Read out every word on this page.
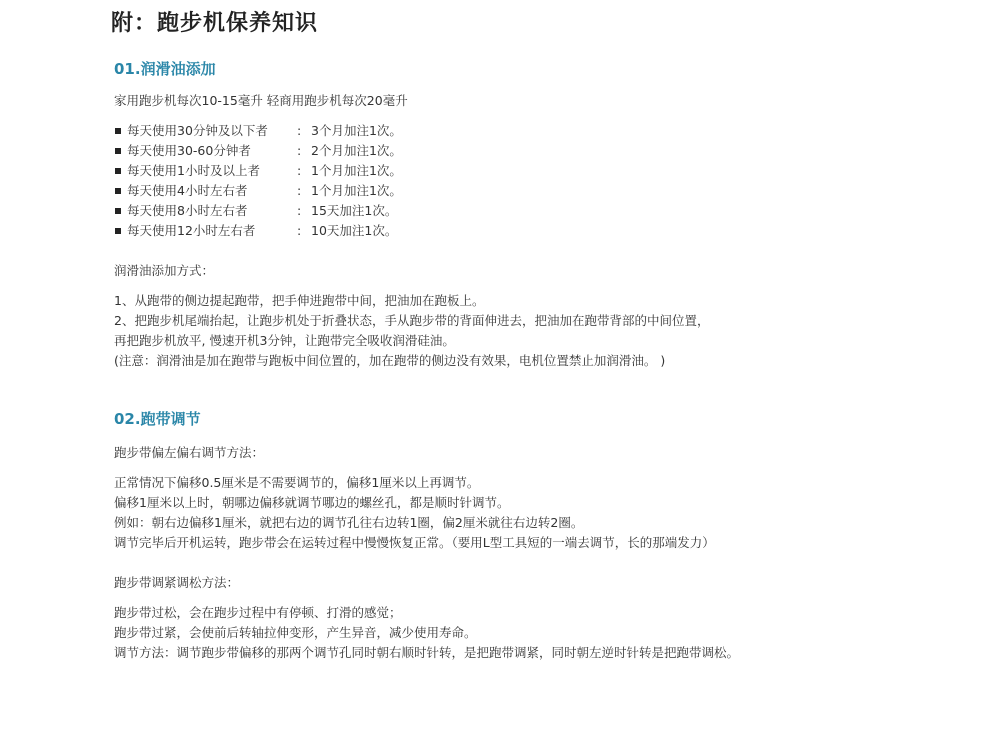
附：跑步机保养知识
01.润滑油添加
家用跑步机每次10-15毫升 轻商用跑步机每次20毫升
每天使用30分钟及以下者	: 3个月加注1次。
每天使用30-60分钟者	: 2个月加注1次。
每天使用1小时及以上者	: 1个月加注1次。
每天使用4小时左右者	: 1个月加注1次。
每天使用8小时左右者	: 15天加注1次。
每天使用12小时左右者	: 10天加注1次。
润滑油添加方式：
1、从跑带的侧边提起跑带，把手伸进跑带中间，把油加在跑板上。
2、把跑步机尾端抬起，让跑步机处于折叠状态，手从跑步带的背面伸进去，把油加在跑带背部的中间位置，
再把跑步机放平, 慢速开机3分钟，让跑带完全吸收润滑硅油。
(注意：润滑油是加在跑带与跑板中间位置的，加在跑带的侧边没有效果，电机位置禁止加润滑油。 )
02.跑带调节
跑步带偏左偏右调节方法：
正常情况下偏移0.5厘米是不需要调节的，偏移1厘米以上再调节。
偏移1厘米以上时，朝哪边偏移就调节哪边的螺丝孔，都是顺时针调节。
例如：朝右边偏移1厘米，就把右边的调节孔往右边转1圈，偏2厘米就往右边转2圈。
调节完毕后开机运转，跑步带会在运转过程中慢慢恢复正常。（要用L型工具短的一端去调节，长的那端发力）
跑步带调紧调松方法：
跑步带过松，会在跑步过程中有停顿、打滑的感觉；
跑步带过紧，会使前后转轴拉伸变形，产生异音，减少使用寿命。
调节方法：调节跑步带偏移的那两个调节孔同时朝右顺时针转，是把跑带调紧，同时朝左逆时针转是把跑带调松。
